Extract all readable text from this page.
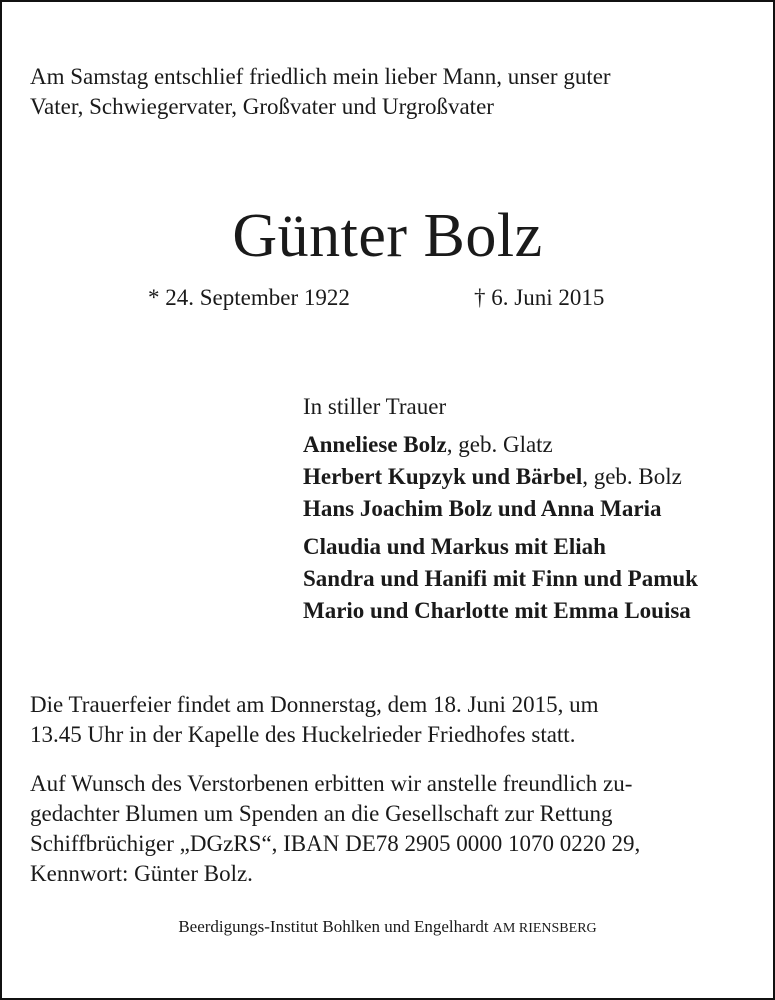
Am Samstag entschlief friedlich mein lieber Mann, unser guter
Vater, Schwiegervater, Großvater und Urgroßvater

Günter Bolz
* 24. September 1922	† 6. Juni 2015
In stiller Trauer
Anneliese Bolz, geb. Glatz
Herbert Kupzyk und Bärbel, geb. Bolz
Hans Joachim Bolz und Anna Maria
Claudia und Markus mit Eliah
Sandra und Hanifi mit Finn und Pamuk
Mario und Charlotte mit Emma Louisa

Die Trauerfeier findet am Donnerstag, dem 18. Juni 2015, um
13.45 Uhr in der Kapelle des Huckelrieder Friedhofes statt.

Auf Wunsch des Verstorbenen erbitten wir anstelle freundlich zu-
gedachter Blumen um Spenden an die Gesellschaft zur Rettung
Schiffbrüchiger „DGzRS“, IBAN DE78 2905 0000 1070 0220 29,
Kennwort: Günter Bolz.

Beerdigungs-Institut Bohlken und Engelhardt AM RIENSBERG
